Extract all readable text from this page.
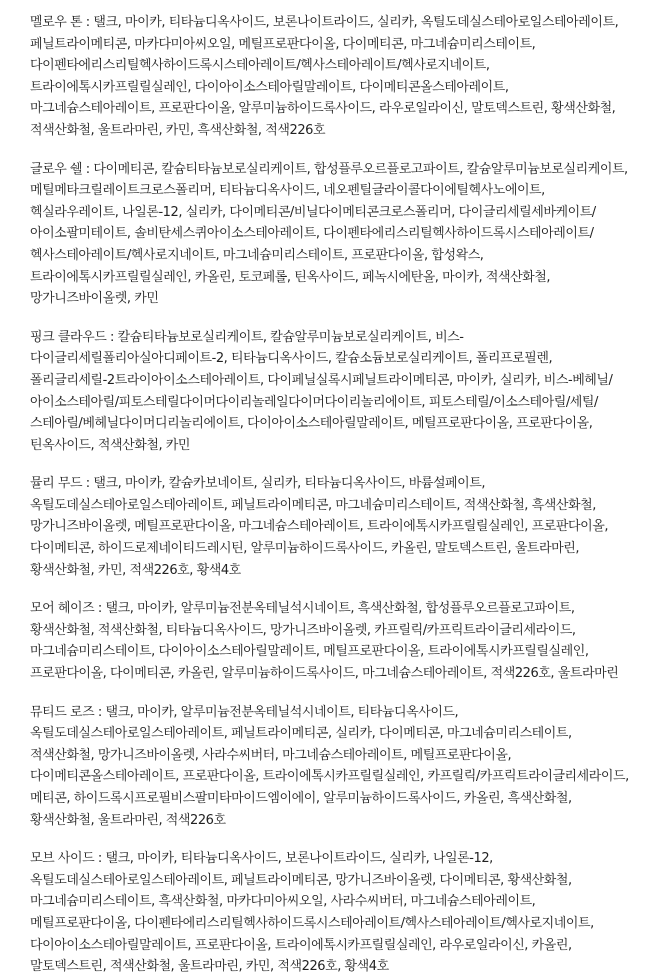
멜로우 톤 : 탤크, 마이카, 티타늄디옥사이드, 보론나이트라이드, 실리카, 옥틸도데실스테아로일스테아레이트, 페닐트라이메티콘, 마카다미아씨오일, 메틸프로판다이올, 다이메티콘, 마그네슘미리스테이트, 다이펜타에리스리틸헥사하이드록시스테아레이트/헥사스테아레이트/헥사로지네이트, 트라이에톡시카프릴릴실레인, 다이아이소스테아릴말레이트, 다이메티콘올스테아레이트, 마그네슘스테아레이트, 프로판다이올, 알루미늄하이드록사이드, 라우로일라이신, 말토덱스트린, 황색산화철, 적색산화철, 울트라마린, 카민, 흑색산화철, 적색226호

글로우 쉘 : 다이메티콘, 칼슘티타늄보로실리케이트, 합성플루오르플로고파이트, 칼슘알루미늄보로실리케이트, 메틸메타크릴레이트크로스폴리머, 티타늄디옥사이드, 네오펜틸글라이콜다이에틸헥사노에이트, 헥실라우레이트, 나일론-12, 실리카, 다이메티콘/비닐다이메티콘크로스폴리머, 다이글리세릴세바케이트/아이소팔미테이트, 솔비탄세스퀴아이소스테아레이트, 다이펜타에리스리틸헥사하이드록시스테아레이트/헥사스테아레이트/헥사로지네이트, 마그네슘미리스테이트, 프로판다이올, 합성왁스, 트라이에톡시카프릴릴실레인, 카올린, 토코페롤, 틴옥사이드, 페녹시에탄올, 마이카, 적색산화철, 망가니즈바이올렛, 카민

핑크 클라우드 : 칼슘티타늄보로실리케이트, 칼슘알루미늄보로실리케이트, 비스-다이글리세릴폴리아실아디페이트-2, 티타늄디옥사이드, 칼슘소듐보로실리케이트, 폴리프로필렌, 폴리글리세릴-2트라이아이소스테아레이트, 다이페닐실록시페닐트라이메티콘, 마이카, 실리카, 비스-베헤닐/아이소스테아릴/피토스테릴다이머다이리놀레일다이머다이리놀리에이트, 피토스테릴/이소스테아릴/세틸/스테아릴/베헤닐다이머디리놀리에이트, 다이아이소스테아릴말레이트, 메틸프로판다이올, 프로판다이올, 틴옥사이드, 적색산화철, 카민

뮬리 무드 : 탤크, 마이카, 칼슘카보네이트, 실리카, 티타늄디옥사이드, 바륨설페이트, 옥틸도데실스테아로일스테아레이트, 페닐트라이메티콘, 마그네슘미리스테이트, 적색산화철, 흑색산화철, 망가니즈바이올렛, 메틸프로판다이올, 마그네슘스테아레이트, 트라이에톡시카프릴릴실레인, 프로판다이올, 다이메티콘, 하이드로제네이티드레시틴, 알루미늄하이드록사이드, 카올린, 말토덱스트린, 울트라마린, 황색산화철, 카민, 적색226호, 황색4호

모어 헤이즈 : 탤크, 마이카, 알루미늄전분옥테닐석시네이트, 흑색산화철, 합성플루오르플로고파이트, 황색산화철, 적색산화철, 티타늄디옥사이드, 망가니즈바이올렛, 카프릴릭/카프릭트라이글리세라이드, 마그네슘미리스테이트, 다이아이소스테아릴말레이트, 메틸프로판다이올, 트라이에톡시카프릴릴실레인, 프로판다이올, 다이메티콘, 카올린, 알루미늄하이드록사이드, 마그네슘스테아레이트, 적색226호, 울트라마린

뮤티드 로즈 : 탤크, 마이카, 알루미늄전분옥테닐석시네이트, 티타늄디옥사이드, 옥틸도데실스테아로일스테아레이트, 페닐트라이메티콘, 실리카, 다이메티콘, 마그네슘미리스테이트, 적색산화철, 망가니즈바이올렛, 사라수씨버터, 마그네슘스테아레이트, 메틸프로판다이올, 다이메티콘올스테아레이트, 프로판다이올, 트라이에톡시카프릴릴실레인, 카프릴릭/카프릭트라이글리세라이드, 메티콘, 하이드록시프로필비스팔미타마이드엠이에이, 알루미늄하이드록사이드, 카올린, 흑색산화철, 황색산화철, 울트라마린, 적색226호

모브 사이드 : 탤크, 마이카, 티타늄디옥사이드, 보론나이트라이드, 실리카, 나일론-12, 옥틸도데실스테아로일스테아레이트, 페닐트라이메티콘, 망가니즈바이올렛, 다이메티콘, 황색산화철, 마그네슘미리스테이트, 흑색산화철, 마카다미아씨오일, 사라수씨버터, 마그네슘스테아레이트, 메틸프로판다이올, 다이펜타에리스리틸헥사하이드록시스테아레이트/헥사스테아레이트/헥사로지네이트, 다이아이소스테아릴말레이트, 프로판다이올, 트라이에톡시카프릴릴실레인, 라우로일라이신, 카올린, 말토덱스트린, 적색산화철, 울트라마린, 카민, 적색226호, 황색4호
